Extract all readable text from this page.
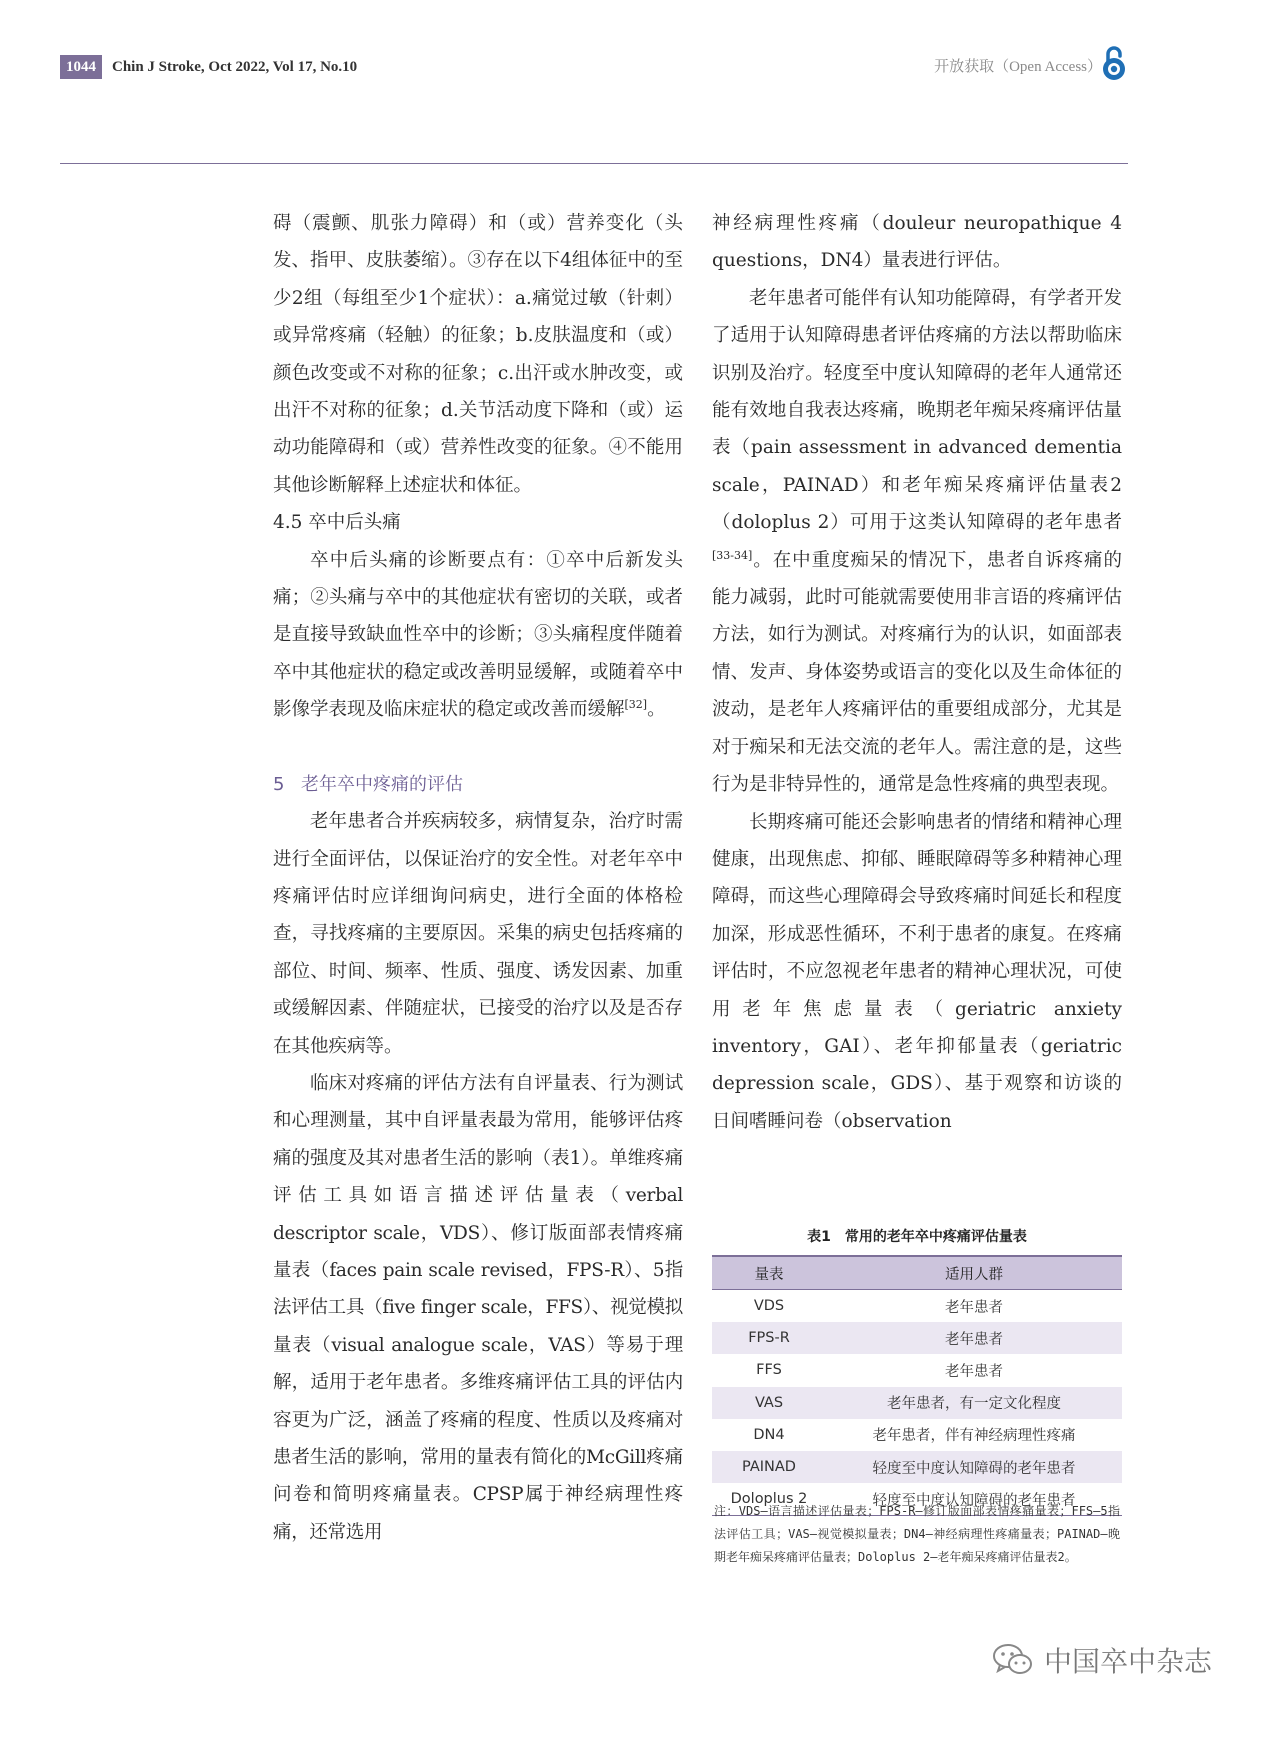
1044	Chin J Stroke, Oct 2022, Vol 17, No.10	开放获取（Open Access）

碍（震颤、肌张力障碍）和（或）营养变化（头发、指甲、皮肤萎缩）。③存在以下4组体征中的至少2组（每组至少1个症状）：a.痛觉过敏（针刺）或异常疼痛（轻触）的征象；b.皮肤温度和（或）颜色改变或不对称的征象；c.出汗或水肿改变，或出汗不对称的征象；d.关节活动度下降和（或）运动功能障碍和（或）营养性改变的征象。④不能用其他诊断解释上述症状和体征。

4.5 卒中后头痛

卒中后头痛的诊断要点有：①卒中后新发头痛；②头痛与卒中的其他症状有密切的关联，或者是直接导致缺血性卒中的诊断；③头痛程度伴随着卒中其他症状的稳定或改善明显缓解，或随着卒中影像学表现及临床症状的稳定或改善而缓解[32]。

5 老年卒中疼痛的评估

老年患者合并疾病较多，病情复杂，治疗时需进行全面评估，以保证治疗的安全性。对老年卒中疼痛评估时应详细询问病史，进行全面的体格检查，寻找疼痛的主要原因。采集的病史包括疼痛的部位、时间、频率、性质、强度、诱发因素、加重或缓解因素、伴随症状，已接受的治疗以及是否存在其他疾病等。

临床对疼痛的评估方法有自评量表、行为测试和心理测量，其中自评量表最为常用，能够评估疼痛的强度及其对患者生活的影响（表1）。单维疼痛评估工具如语言描述评估量表（verbal descriptor scale，VDS）、修订版面部表情疼痛量表（faces pain scale revised，FPS-R）、5指法评估工具（five finger scale，FFS）、视觉模拟量表（visual analogue scale，VAS）等易于理解，适用于老年患者。多维疼痛评估工具的评估内容更为广泛，涵盖了疼痛的程度、性质以及疼痛对患者生活的影响，常用的量表有简化的McGill疼痛问卷和简明疼痛量表。CPSP属于神经病理性疼痛，还常选用

神经病理性疼痛（douleur neuropathique 4 questions，DN4）量表进行评估。

老年患者可能伴有认知功能障碍，有学者开发了适用于认知障碍患者评估疼痛的方法以帮助临床识别及治疗。轻度至中度认知障碍的老年人通常还能有效地自我表达疼痛，晚期老年痴呆疼痛评估量表（pain assessment in advanced dementia scale，PAINAD）和老年痴呆疼痛评估量表2（doloplus 2）可用于这类认知障碍的老年患者[33-34]。在中重度痴呆的情况下，患者自诉疼痛的能力减弱，此时可能就需要使用非言语的疼痛评估方法，如行为测试。对疼痛行为的认识，如面部表情、发声、身体姿势或语言的变化以及生命体征的波动，是老年人疼痛评估的重要组成部分，尤其是对于痴呆和无法交流的老年人。需注意的是，这些行为是非特异性的，通常是急性疼痛的典型表现。

长期疼痛可能还会影响患者的情绪和精神心理健康，出现焦虑、抑郁、睡眠障碍等多种精神心理障碍，而这些心理障碍会导致疼痛时间延长和程度加深，形成恶性循环，不利于患者的康复。在疼痛评估时，不应忽视老年患者的精神心理状况，可使用老年焦虑量表（geriatric anxiety inventory，GAI）、老年抑郁量表（geriatric depression scale，GDS）、基于观察和访谈的日间嗜睡问卷（observation

表1 常用的老年卒中疼痛评估量表
量表	适用人群
VDS	老年患者
FPS-R	老年患者
FFS	老年患者
VAS	老年患者，有一定文化程度
DN4	老年患者，伴有神经病理性疼痛
PAINAD	轻度至中度认知障碍的老年患者
Doloplus 2	轻度至中度认知障碍的老年患者
注：VDS—语言描述评估量表；FPS-R—修订版面部表情疼痛量表；FFS—5指法评估工具；VAS—视觉模拟量表；DN4—神经病理性疼痛量表；PAINAD—晚期老年痴呆疼痛评估量表；Doloplus 2—老年痴呆疼痛评估量表2。
中国卒中杂志
